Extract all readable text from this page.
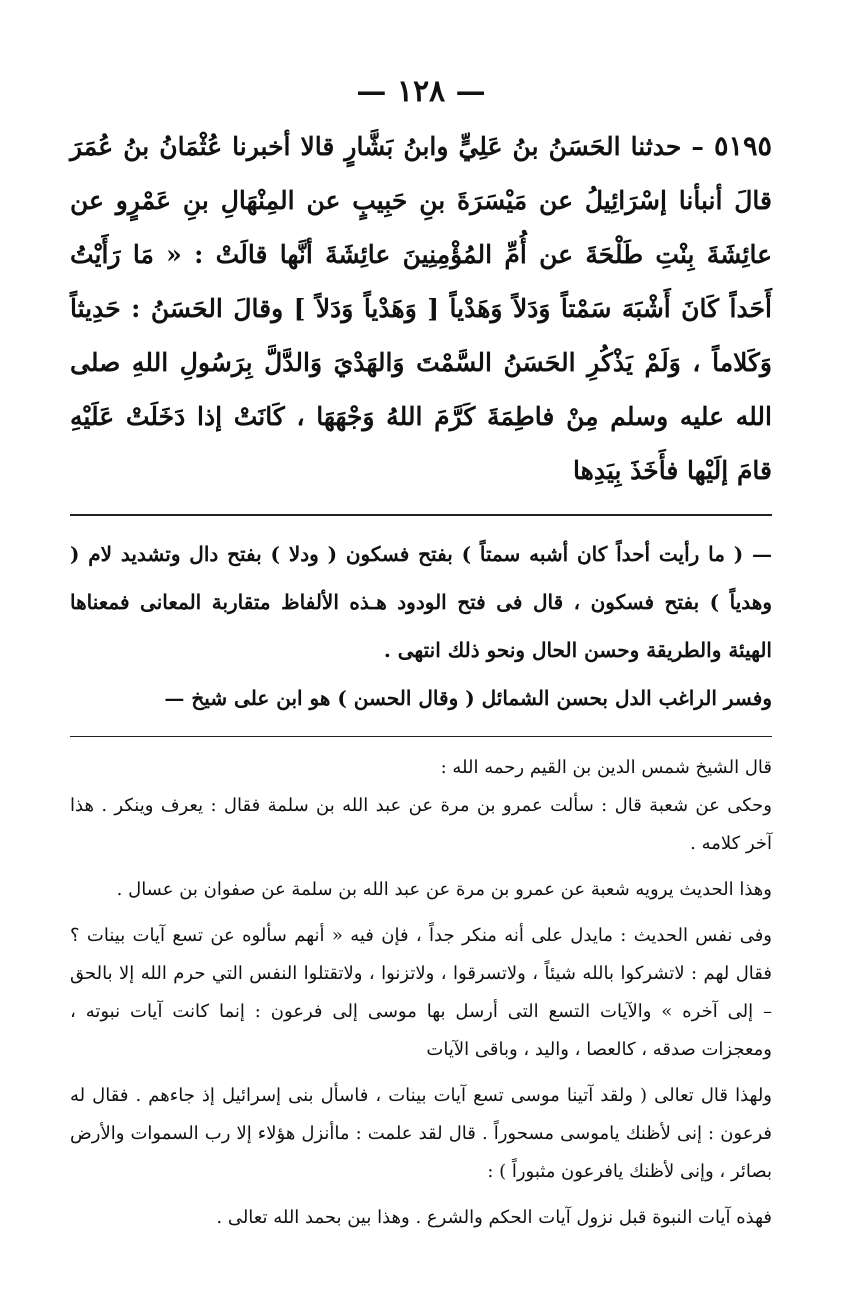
— ١٢٨ —
٥١٩٥ – حدثنا الحَسَنُ بنُ عَلِيٍّ وابنُ بَشَّارٍ قالا أخبرنا عُثْمَانُ بنُ عُمَرَ قالَ أنبأنا إسْرَائِيلُ عن مَيْسَرَةَ بنِ حَبِيبٍ عن المِنْهَالِ بنِ عَمْرٍو عن عائِشَةَ بِنْتِ طَلْحَةَ عن أُمِّ المُؤْمِنِينَ عائِشَةَ أنَّها قالَتْ : « مَا رَأَيْتُ أَحَداً كَانَ أَشْبَهَ سَمْتاً وَدَلاً وَهَدْياً [ وَهَدْياً وَدَلاً ] وقالَ الحَسَنُ : حَدِيثاً وَكَلاماً ، وَلَمْ يَذْكُرِ الحَسَنُ السَّمْتَ وَالهَدْيَ وَالدَّلَّ بِرَسُولِ اللهِ صلى الله عليه وسلم مِنْ فاطِمَةَ كَرَّمَ اللهُ وَجْهَهَا ، كَانَتْ إذا دَخَلَتْ عَلَيْهِ قامَ إلَيْها فأَخَذَ بِيَدِها

— ( ما رأيت أحداً كان أشبه سمتاً ) بفتح فسكون ( ودلا ) بفتح دال وتشديد لام ( وهدياً ) بفتح فسكون ، قال فى فتح الودود هـذه الألفاظ متقاربة المعانى فمعناها الهيئة والطريقة وحسن الحال ونحو ذلك انتهى .

وفسر الراغب الدل بحسن الشمائل ( وقال الحسن ) هو ابن على شيخ —

قال الشيخ شمس الدين بن القيم رحمه الله :

وحكى عن شعبة قال : سألت عمرو بن مرة عن عبد الله بن سلمة فقال : يعرف وينكر . هذا آخر كلامه .

وهذا الحديث يرويه شعبة عن عمرو بن مرة عن عبد الله بن سلمة عن صفوان بن عسال .

وفى نفس الحديث : مايدل على أنه منكر جداً ، فإن فيه « أنهم سألوه عن تسع آيات بينات ؟ فقال لهم : لاتشركوا بالله شيئاً ، ولاتسرقوا ، ولاتزنوا ، ولاتقتلوا النفس التي حرم الله إلا بالحق – إلى آخره » والآيات التسع التى أرسل بها موسى إلى فرعون : إنما كانت آيات نبوته ، ومعجزات صدقه ، كالعصا ، واليد ، وباقى الآيات

ولهذا قال تعالى ( ولقد آتينا موسى تسع آيات بينات ، فاسأل بنى إسرائيل إذ جاءهم . فقال له فرعون : إنى لأظنك ياموسى مسحوراً . قال لقد علمت : ماأنزل هؤلاء إلا رب السموات والأرض بصائر ، وإنى لأظنك يافرعون مثبوراً ) :

فهذه آيات النبوة قبل نزول آيات الحكم والشرع . وهذا بين بحمد الله تعالى .
